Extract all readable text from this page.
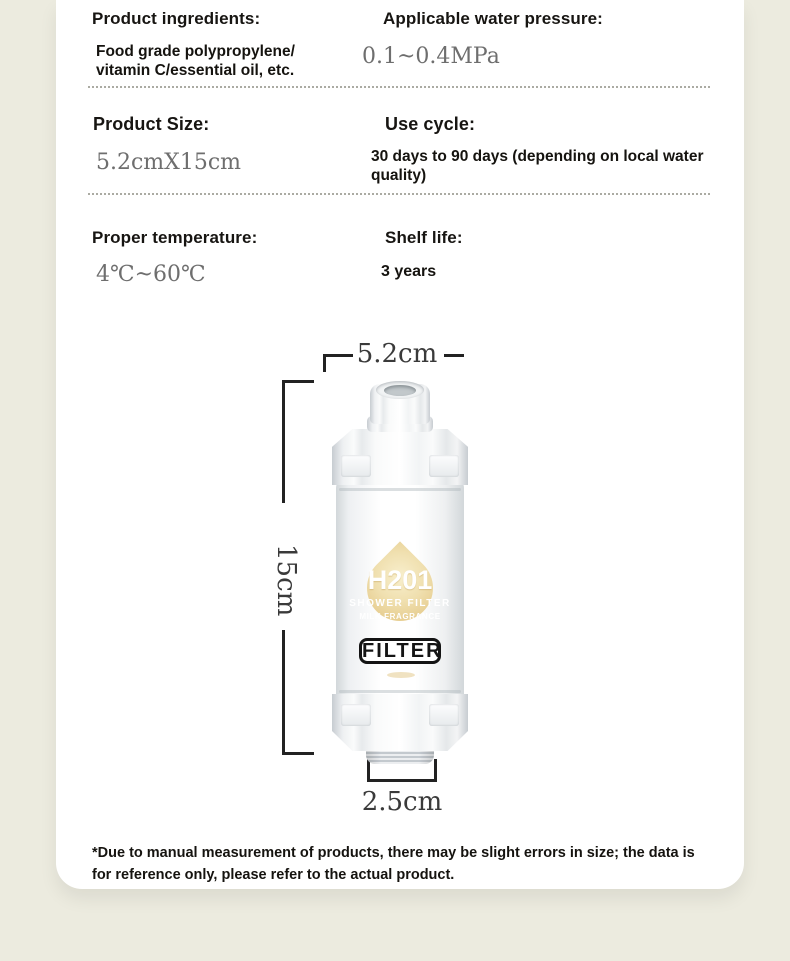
Product ingredients:
Food grade polypropylene/ vitamin C/essential oil, etc.
Applicable water pressure:
0.1~0.4MPa
Product Size:
5.2cmX15cm
Use cycle:
30 days to 90 days (depending on local water quality)
Proper temperature:
4℃~60℃
Shelf life:
3 years
5.2cm
15cm	H201
SHOWER FILTER
MILK FRAGRANCE
FILTER
2.5cm
*Due to manual measurement of products, there may be slight errors in size; the data is for reference only, please refer to the actual product.
